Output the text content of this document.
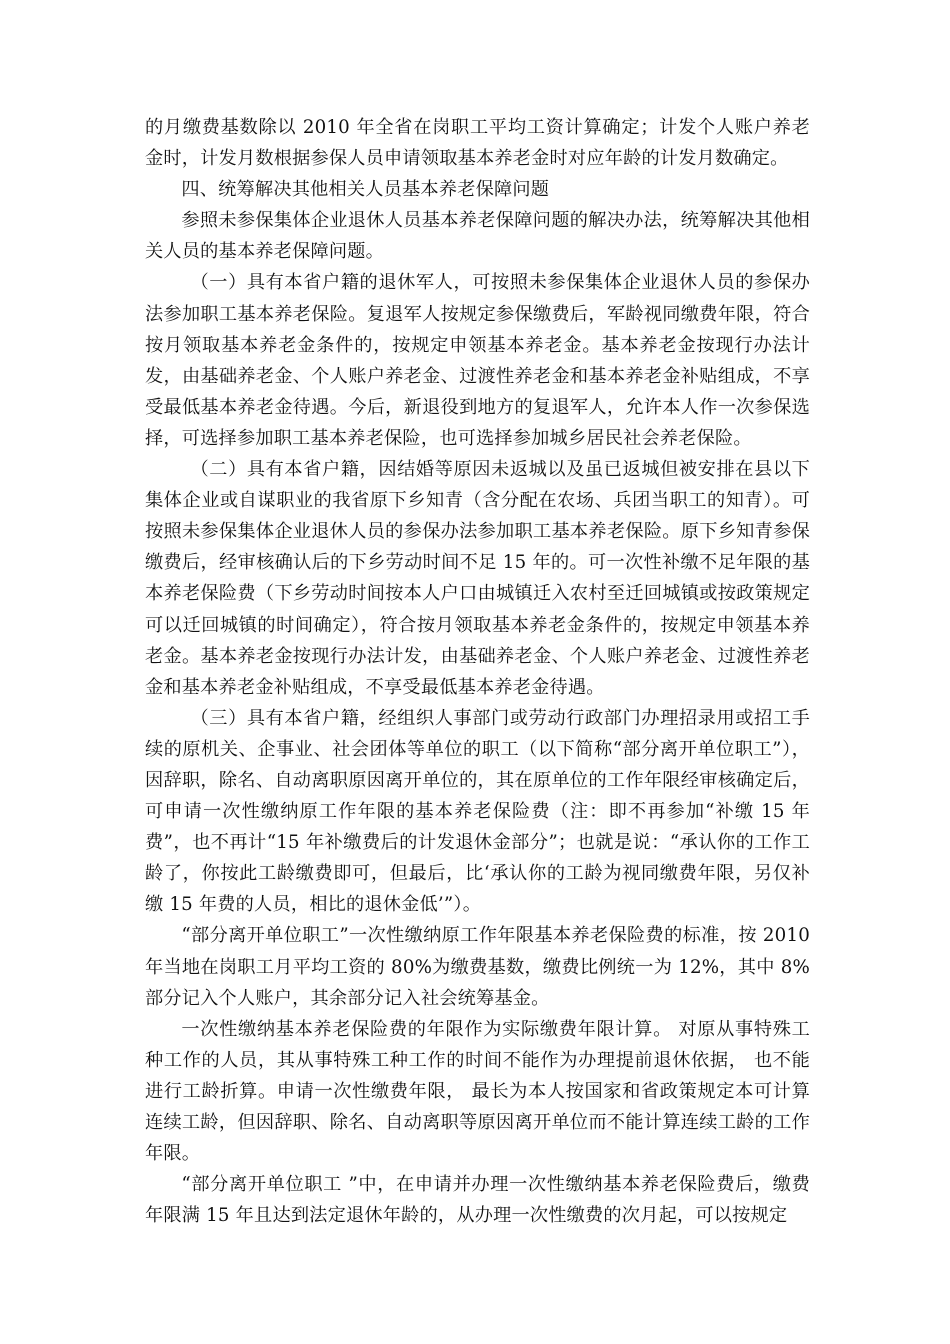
的月缴费基数除以 2010 年全省在岗职工平均工资计算确定；计发个人账户养老金时，计发月数根据参保人员申请领取基本养老金时对应年龄的计发月数确定。

四、统筹解决其他相关人员基本养老保障问题

参照未参保集体企业退休人员基本养老保障问题的解决办法，统筹解决其他相关人员的基本养老保障问题。

（一）具有本省户籍的退休军人，可按照未参保集体企业退休人员的参保办法参加职工基本养老保险。复退军人按规定参保缴费后，军龄视同缴费年限，符合按月领取基本养老金条件的，按规定申领基本养老金。基本养老金按现行办法计发，由基础养老金、个人账户养老金、过渡性养老金和基本养老金补贴组成，不享受最低基本养老金待遇。今后，新退役到地方的复退军人，允许本人作一次参保选择，可选择参加职工基本养老保险，也可选择参加城乡居民社会养老保险。

（二）具有本省户籍，因结婚等原因未返城以及虽已返城但被安排在县以下集体企业或自谋职业的我省原下乡知青（含分配在农场、兵团当职工的知青）。可按照未参保集体企业退休人员的参保办法参加职工基本养老保险。原下乡知青参保缴费后，经审核确认后的下乡劳动时间不足 15 年的。可一次性补缴不足年限的基本养老保险费（下乡劳动时间按本人户口由城镇迁入农村至迁回城镇或按政策规定可以迁回城镇的时间确定），符合按月领取基本养老金条件的，按规定申领基本养老金。基本养老金按现行办法计发，由基础养老金、个人账户养老金、过渡性养老金和基本养老金补贴组成，不享受最低基本养老金待遇。

（三）具有本省户籍，经组织人事部门或劳动行政部门办理招录用或招工手续的原机关、企事业、社会团体等单位的职工（以下简称“部分离开单位职工”），因辞职，除名、自动离职原因离开单位的，其在原单位的工作年限经审核确定后，可申请一次性缴纳原工作年限的基本养老保险费（注：即不再参加“补缴 15 年费”，也不再计“15 年补缴费后的计发退休金部分”；也就是说：“承认你的工作工龄了，你按此工龄缴费即可，但最后，比‘承认你的工龄为视同缴费年限，另仅补缴 15 年费的人员，相比的退休金低’”）。

“部分离开单位职工”一次性缴纳原工作年限基本养老保险费的标准，按 2010 年当地在岗职工月平均工资的 80%为缴费基数，缴费比例统一为 12%，其中 8%部分记入个人账户，其余部分记入社会统筹基金。

一次性缴纳基本养老保险费的年限作为实际缴费年限计算。 对原从事特殊工种工作的人员，其从事特殊工种工作的时间不能作为办理提前退休依据， 也不能进行工龄折算。申请一次性缴费年限， 最长为本人按国家和省政策规定本可计算连续工龄，但因辞职、除名、自动离职等原因离开单位而不能计算连续工龄的工作年限。

“部分离开单位职工 ”中，在申请并办理一次性缴纳基本养老保险费后，缴费年限满 15 年且达到法定退休年龄的，从办理一次性缴费的次月起，可以按规定
